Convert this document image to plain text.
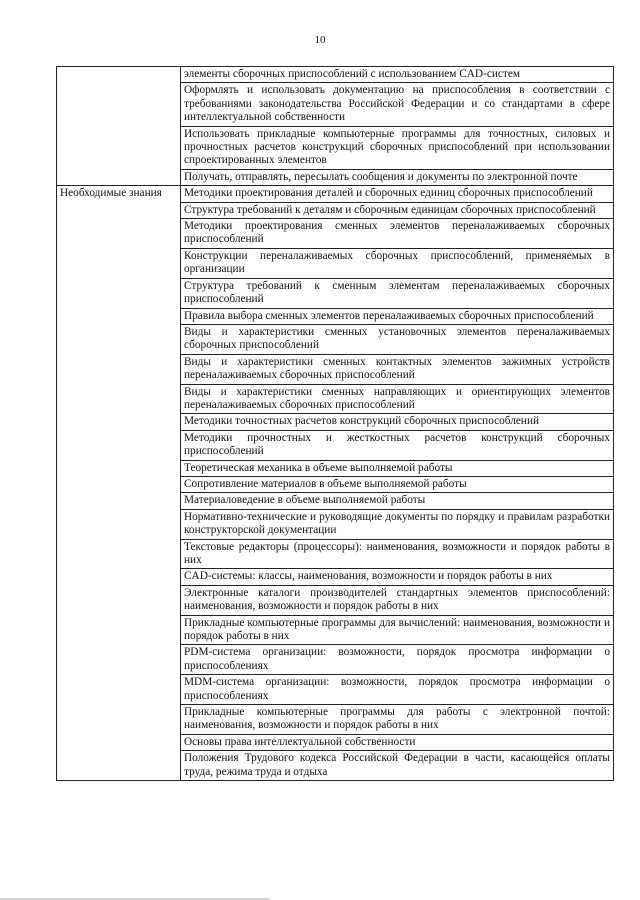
10
	элементы сборочных приспособлений с использованием CAD-систем
	Оформлять и использовать документацию на приспособления в соответствии с требованиями законодательства Российской Федерации и со стандартами в сфере интеллектуальной собственности
	Использовать прикладные компьютерные программы для точностных, силовых и прочностных расчетов конструкций сборочных приспособлений при использовании спроектированных элементов
	Получать, отправлять, пересылать сообщения и документы по электронной почте
Необходимые знания	Методики проектирования деталей и сборочных единиц сборочных приспособлений
	Структура требований к деталям и сборочным единицам сборочных приспособлений
	Методики проектирования сменных элементов переналаживаемых сборочных приспособлений
	Конструкции переналаживаемых сборочных приспособлений, применяемых в организации
	Структура требований к сменным элементам переналаживаемых сборочных приспособлений
	Правила выбора сменных элементов переналаживаемых сборочных приспособлений
	Виды и характеристики сменных установочных элементов переналаживаемых сборочных приспособлений
	Виды и характеристики сменных контактных элементов зажимных устройств переналаживаемых сборочных приспособлений
	Виды и характеристики сменных направляющих и ориентирующих элементов переналаживаемых сборочных приспособлений
	Методики точностных расчетов конструкций сборочных приспособлений
	Методики прочностных и жесткостных расчетов конструкций сборочных приспособлений
	Теоретическая механика в объеме выполняемой работы
	Сопротивление материалов в объеме выполняемой работы
	Материаловедение в объеме выполняемой работы
	Нормативно-технические и руководящие документы по порядку и правилам разработки конструкторской документации
	Текстовые редакторы (процессоры): наименования, возможности и порядок работы в них
	CAD-системы: классы, наименования, возможности и порядок работы в них
	Электронные каталоги производителей стандартных элементов приспособлений: наименования, возможности и порядок работы в них
	Прикладные компьютерные программы для вычислений: наименования, возможности и порядок работы в них
	PDM-система организации: возможности, порядок просмотра информации о приспособлениях
	MDM-система организации: возможности, порядок просмотра информации о приспособлениях
	Прикладные компьютерные программы для работы с электронной почтой: наименования, возможности и порядок работы в них
	Основы права интеллектуальной собственности
	Положения Трудового кодекса Российской Федерации в части, касающейся оплаты труда, режима труда и отдыха
